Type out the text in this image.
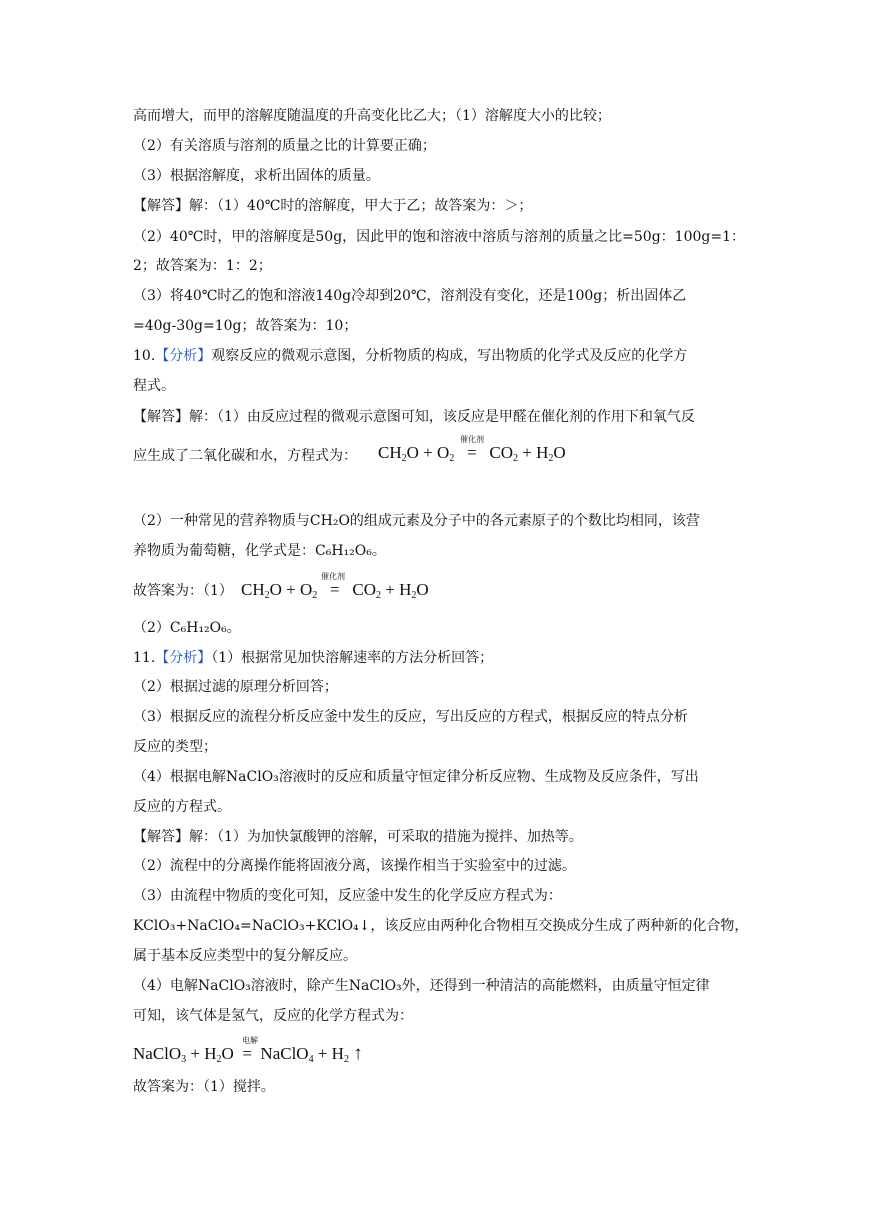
高而增大，而甲的溶解度随温度的升高变化比乙大；（1）溶解度大小的比较；
（2）有关溶质与溶剂的质量之比的计算要正确；
（3）根据溶解度，求析出固体的质量。
【解答】解：（1）40℃时的溶解度，甲大于乙；故答案为：＞；
（2）40℃时，甲的溶解度是50g，因此甲的饱和溶液中溶质与溶剂的质量之比=50g：100g=1：
2；故答案为：1：2；
（3）将40℃时乙的饱和溶液140g冷却到20℃，溶剂没有变化，还是100g；析出固体乙
=40g-30g=10g；故答案为：10；
10.【分析】观察反应的微观示意图，分析物质的构成，写出物质的化学式及反应的化学方
程式。
【解答】解：（1）由反应过程的微观示意图可知，该反应是甲醛在催化剂的作用下和氧气反
应生成了二氧化碳和水，方程式为： $CH_2O + O_2 = CO_2 + H_2O$
催化剂
（2）一种常见的营养物质与CH₂O的组成元素及分子中的各元素原子的个数比均相同，该营
养物质为葡萄糖，化学式是：C₆H₁₂O₆。
故答案为：（1） $CH_2O + O_2 = CO_2 + H_2O$
催化剂
（2）C₆H₁₂O₆。
11.【分析】（1）根据常见加快溶解速率的方法分析回答；
（2）根据过滤的原理分析回答；
（3）根据反应的流程分析反应釜中发生的反应，写出反应的方程式，根据反应的特点分析
反应的类型；
（4）根据电解NaClO₃溶液时的反应和质量守恒定律分析反应物、生成物及反应条件，写出
反应的方程式。
【解答】解：（1）为加快氯酸钾的溶解，可采取的措施为搅拌、加热等。
（2）流程中的分离操作能将固液分离，该操作相当于实验室中的过滤。
（3）由流程中物质的变化可知，反应釜中发生的化学反应方程式为：
KClO₃+NaClO₄=NaClO₃+KClO₄↓，该反应由两种化合物相互交换成分生成了两种新的化合物，
属于基本反应类型中的复分解反应。
（4）电解NaClO₃溶液时，除产生NaClO₃外，还得到一种清洁的高能燃料，由质量守恒定律
可知，该气体是氢气，反应的化学方程式为：
NaClO$_3$ + $H_2O$  =  NaClO$_4$ + $H_2$ ↑
电解
故答案为：（1）搅拌。
